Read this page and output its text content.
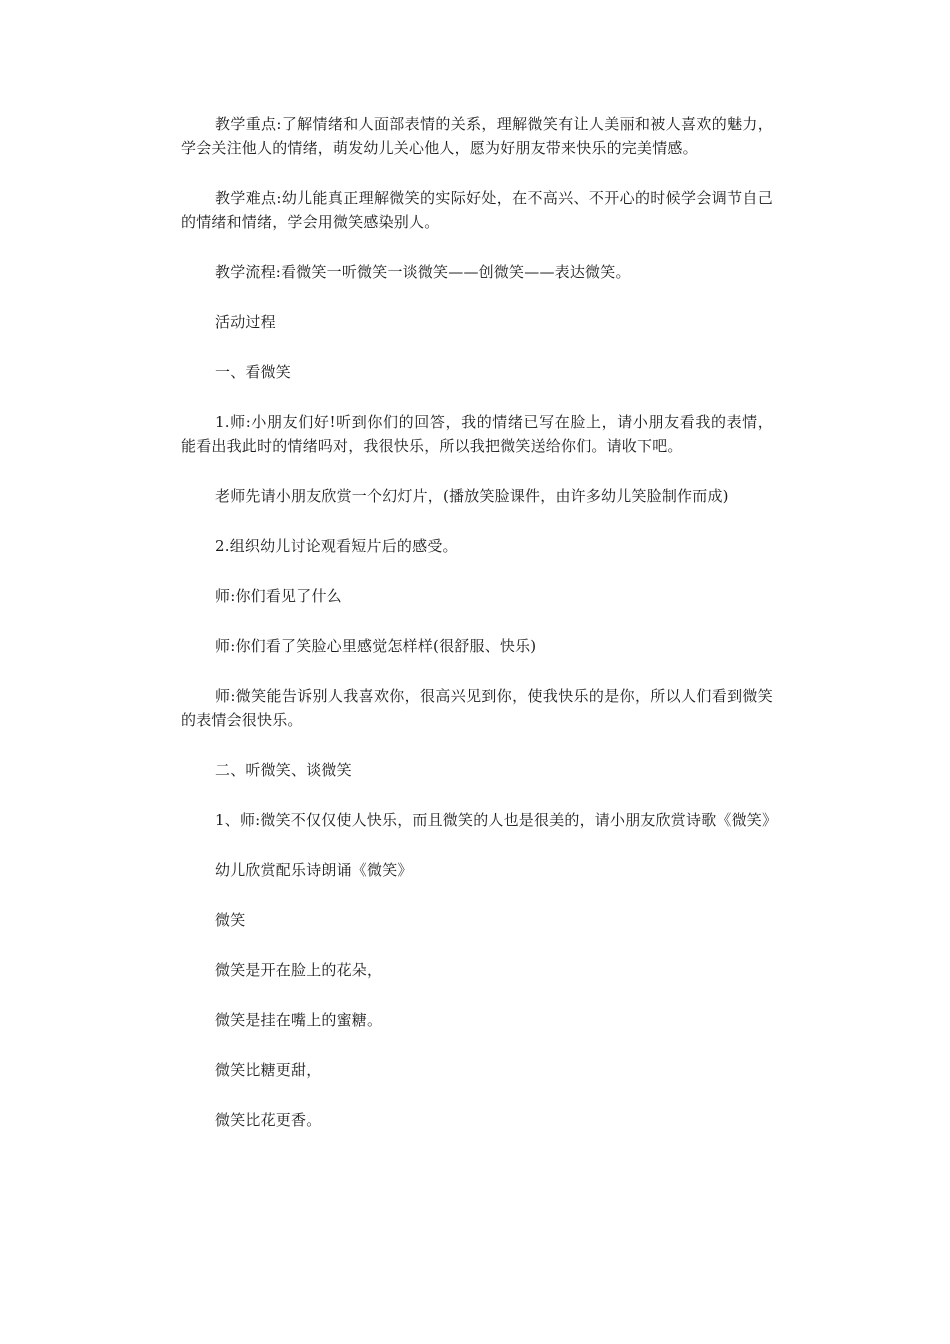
教学重点:了解情绪和人面部表情的关系，理解微笑有让人美丽和被人喜欢的魅力，学会关注他人的情绪，萌发幼儿关心他人，愿为好朋友带来快乐的完美情感。

教学难点:幼儿能真正理解微笑的实际好处，在不高兴、不开心的时候学会调节自己的情绪和情绪，学会用微笑感染别人。

教学流程:看微笑一听微笑一谈微笑——创微笑——表达微笑。

活动过程

一、看微笑

1.师:小朋友们好!听到你们的回答，我的情绪已写在脸上，请小朋友看我的表情，能看出我此时的情绪吗对，我很快乐，所以我把微笑送给你们。请收下吧。

老师先请小朋友欣赏一个幻灯片，(播放笑脸课件，由许多幼儿笑脸制作而成)

2.组织幼儿讨论观看短片后的感受。

师:你们看见了什么

师:你们看了笑脸心里感觉怎样样(很舒服、快乐)

师:微笑能告诉别人我喜欢你，很高兴见到你，使我快乐的是你，所以人们看到微笑的表情会很快乐。

二、听微笑、谈微笑

1、师:微笑不仅仅使人快乐，而且微笑的人也是很美的，请小朋友欣赏诗歌《微笑》

幼儿欣赏配乐诗朗诵《微笑》

微笑

微笑是开在脸上的花朵，

微笑是挂在嘴上的蜜糖。

微笑比糖更甜，

微笑比花更香。
